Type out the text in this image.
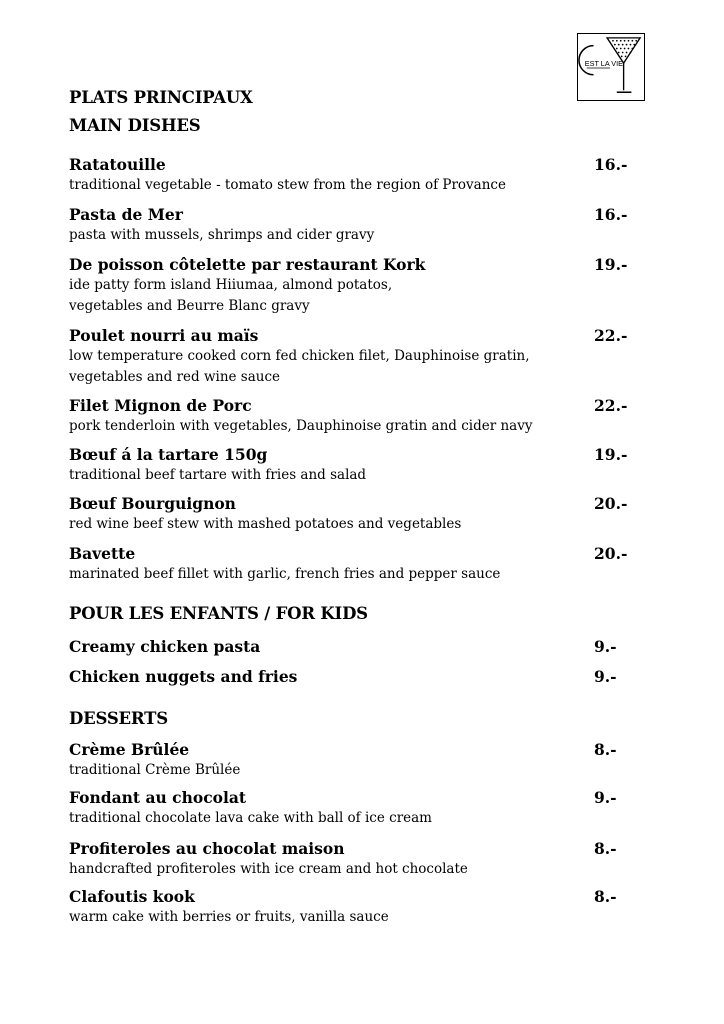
EST LA VIE
PLATS PRINCIPAUX
MAIN DISHES
Ratatouille
traditional vegetable - tomato stew from the region of Provance
16.-
Pasta de Mer
pasta with mussels, shrimps and cider gravy
16.-
De poisson côtelette par restaurant Kork
ide patty form island Hiiumaa, almond potatos,
vegetables and Beurre Blanc gravy
19.-
Poulet nourri au maïs
low temperature cooked corn fed chicken filet, Dauphinoise gratin,
vegetables and red wine sauce
22.-
Filet Mignon de Porc
pork tenderloin with vegetables, Dauphinoise gratin and cider navy
22.-
Bœuf á la tartare 150g
traditional beef tartare with fries and salad
19.-
Bœuf Bourguignon
red wine beef stew with mashed potatoes and vegetables
20.-
Bavette
marinated beef fillet with garlic, french fries and pepper sauce
20.-
POUR LES ENFANTS / FOR KIDS
Creamy chicken pasta	9.-
Chicken nuggets and fries	9.-
DESSERTS
Crème Brûlée
traditional Crème Brûlée
8.-
Fondant au chocolat
traditional chocolate lava cake with ball of ice cream
9.-
Profiteroles au chocolat maison
handcrafted profiteroles with ice cream and hot chocolate
8.-
Clafoutis kook
warm cake with berries or fruits, vanilla sauce
8.-
